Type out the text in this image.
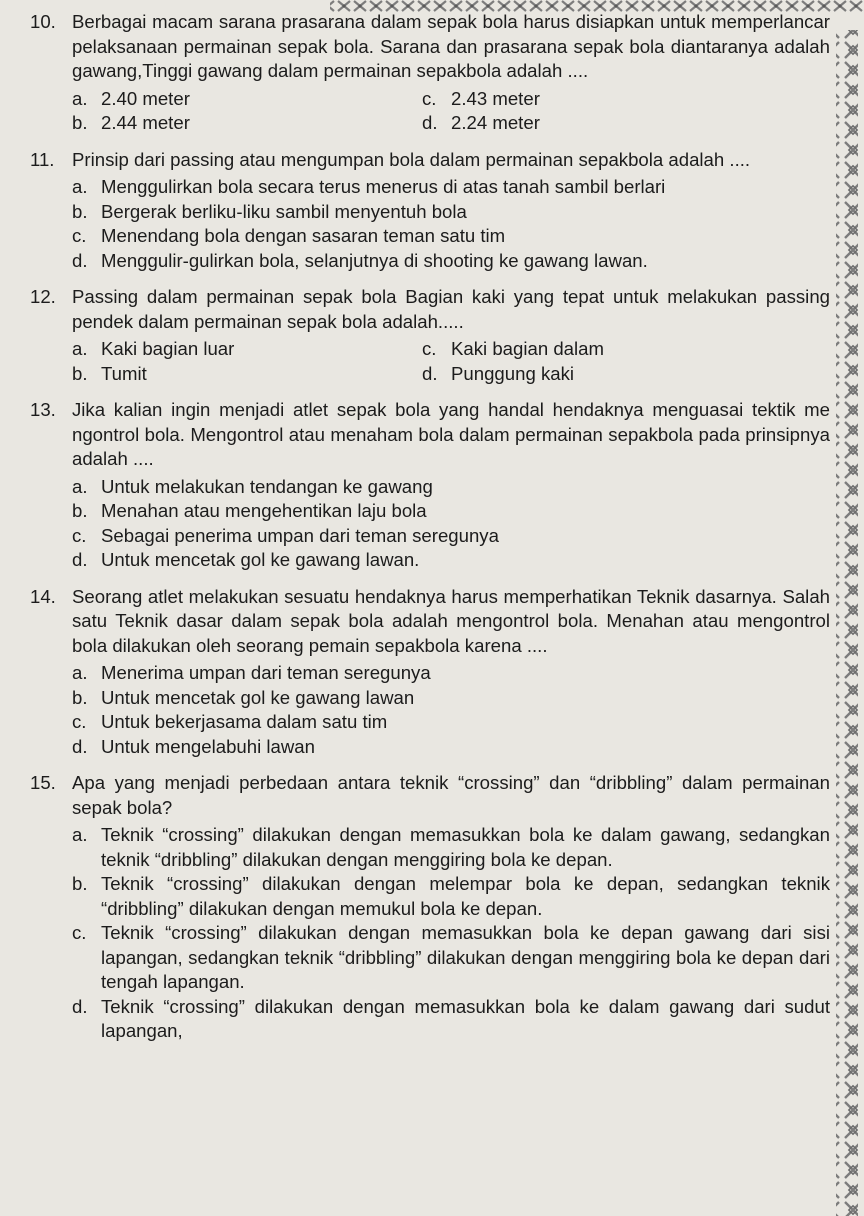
10. Berbagai macam sarana prasarana dalam sepak bola harus disiapkan untuk memperlancar pelaksanaan permainan sepak bola. Sarana dan prasarana sepak bola diantaranya adalah gawang,Tinggi gawang dalam permainan sepakbola adalah ....
a. 2.40 meter	c. 2.43 meter
b. 2.44 meter	d. 2.24 meter
11. Prinsip dari passing atau mengumpan bola dalam permainan sepakbola adalah ....
a. Menggulirkan bola secara terus menerus di atas tanah sambil berlari
b. Bergerak berliku-liku sambil menyentuh bola
c. Menendang bola dengan sasaran teman satu tim
d. Menggulir-gulirkan bola, selanjutnya di shooting ke gawang lawan.
12. Passing dalam permainan sepak bola Bagian kaki yang tepat untuk melakukan passing pendek dalam permainan sepak bola adalah.....
a. Kaki bagian luar	c. Kaki bagian dalam
b. Tumit	d. Punggung kaki
13. Jika kalian ingin menjadi atlet sepak bola yang handal hendaknya menguasai tektik me ngontrol bola. Mengontrol atau menaham bola dalam permainan sepakbola pada prinsipnya adalah ....
a. Untuk melakukan tendangan ke gawang
b. Menahan atau mengehentikan laju bola
c. Sebagai penerima umpan dari teman seregunya
d. Untuk mencetak gol ke gawang lawan.
14. Seorang atlet melakukan sesuatu hendaknya harus memperhatikan Teknik dasarnya. Salah satu Teknik dasar dalam sepak bola adalah mengontrol bola. Menahan atau mengontrol bola dilakukan oleh seorang pemain sepakbola karena ....
a. Menerima umpan dari teman seregunya
b. Untuk mencetak gol ke gawang lawan
c. Untuk bekerjasama dalam satu tim
d. Untuk mengelabuhi lawan
15. Apa yang menjadi perbedaan antara teknik “crossing” dan “dribbling” dalam permainan sepak bola?
a. Teknik “crossing” dilakukan dengan memasukkan bola ke dalam gawang, sedangkan teknik “dribbling” dilakukan dengan menggiring bola ke depan.
b. Teknik “crossing” dilakukan dengan melempar bola ke depan, sedangkan teknik “dribbling” dilakukan dengan memukul bola ke depan.
c. Teknik “crossing” dilakukan dengan memasukkan bola ke depan gawang dari sisi lapangan, sedangkan teknik “dribbling” dilakukan dengan menggiring bola ke depan dari tengah lapangan.
d. Teknik “crossing” dilakukan dengan memasukkan bola ke dalam gawang dari sudut lapangan,
